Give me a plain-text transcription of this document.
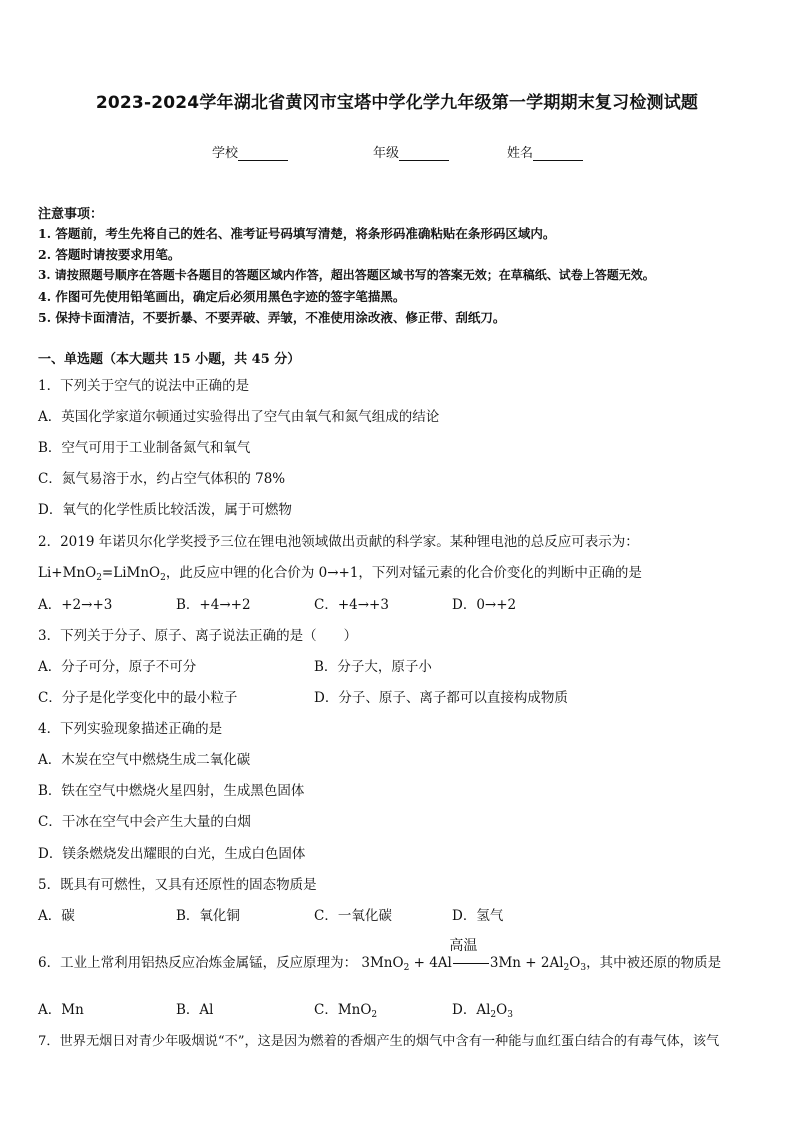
2023-2024学年湖北省黄冈市宝塔中学化学九年级第一学期期末复习检测试题
学校	年级	姓名
注意事项：
1. 答题前，考生先将自己的姓名、准考证号码填写清楚，将条形码准确粘贴在条形码区域内。
2. 答题时请按要求用笔。
3. 请按照题号顺序在答题卡各题目的答题区域内作答，超出答题区域书写的答案无效；在草稿纸、试卷上答题无效。
4. 作图可先使用铅笔画出，确定后必须用黑色字迹的签字笔描黑。
5. 保持卡面清洁，不要折暴、不要弄破、弄皱，不准使用涂改液、修正带、刮纸刀。
一、单选题（本大题共 15 小题，共 45 分）
1．下列关于空气的说法中正确的是
A．英国化学家道尔顿通过实验得出了空气由氧气和氮气组成的结论
B．空气可用于工业制备氮气和氧气
C．氮气易溶于水，约占空气体积的 78%
D．氧气的化学性质比较活泼，属于可燃物
2．2019 年诺贝尔化学奖授予三位在锂电池领域做出贡献的科学家。某种锂电池的总反应可表示为：
Li+MnO$_2$=LiMnO$_2$，此反应中锂的化合价为 0→+1，下列对锰元素的化合价变化的判断中正确的是
A．+2→+3	B．+4→+2	C．+4→+3	D．0→+2
3．下列关于分子、原子、离子说法正确的是（　　）
A．分子可分，原子不可分	B．分子大，原子小
C．分子是化学变化中的最小粒子	D．分子、原子、离子都可以直接构成物质
4．下列实验现象描述正确的是
A．木炭在空气中燃烧生成二氧化碳
B．铁在空气中燃烧火星四射，生成黑色固体
C．干冰在空气中会产生大量的白烟
D．镁条燃烧发出耀眼的白光，生成白色固体
5．既具有可燃性，又具有还原性的固态物质是
A．碳	B．氧化铜	C．一氧化碳	D．氢气
6．工业上常利用铝热反应冶炼金属锰，反应原理为：
高温
3MnO$_2$ + 4Al	$3Mn + 2Al_2O_3$，其中被还原的物质是
A．Mn	B．Al	C．MnO$_2$	D．$Al_2O_3$
7．世界无烟日对青少年吸烟说“不”，这是因为燃着的香烟产生的烟气中含有一种能与血红蛋白结合的有毒气体，该气
